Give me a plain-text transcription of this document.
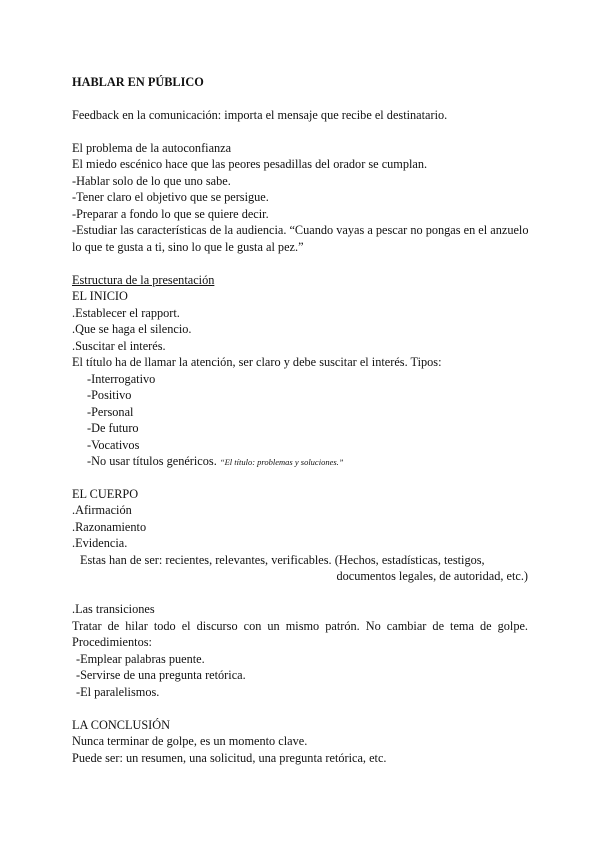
HABLAR EN PÚBLICO
Feedback en la comunicación: importa el mensaje que recibe el destinatario.
El problema de la autoconfianza
El miedo escénico hace que las peores pesadillas del orador se cumplan.
-Hablar solo de lo que uno sabe.
-Tener claro el objetivo que se persigue.
-Preparar a fondo lo que se quiere decir.
-Estudiar las características de la audiencia. “Cuando vayas a pescar no pongas en el anzuelo
lo que te gusta a ti, sino lo que le gusta al pez.”
Estructura de la presentación
EL INICIO
.Establecer el rapport.
.Que se haga el silencio.
.Suscitar el interés.
El título ha de llamar la atención, ser claro y debe suscitar el interés. Tipos:
-Interrogativo
-Positivo
-Personal
-De futuro
-Vocativos
-No usar títulos genéricos. “El título: problemas y soluciones.”
EL CUERPO
.Afirmación
.Razonamiento
.Evidencia.
Estas han de ser: recientes, relevantes, verificables. (Hechos, estadísticas, testigos,
documentos legales, de autoridad, etc.)
.Las transiciones
Tratar de hilar todo el discurso con un mismo patrón. No cambiar de tema de golpe.
Procedimientos:
-Emplear palabras puente.
-Servirse de una pregunta retórica.
-El paralelismos.
LA CONCLUSIÓN
Nunca terminar de golpe, es un momento clave.
Puede ser: un resumen, una solicitud, una pregunta retórica, etc.
